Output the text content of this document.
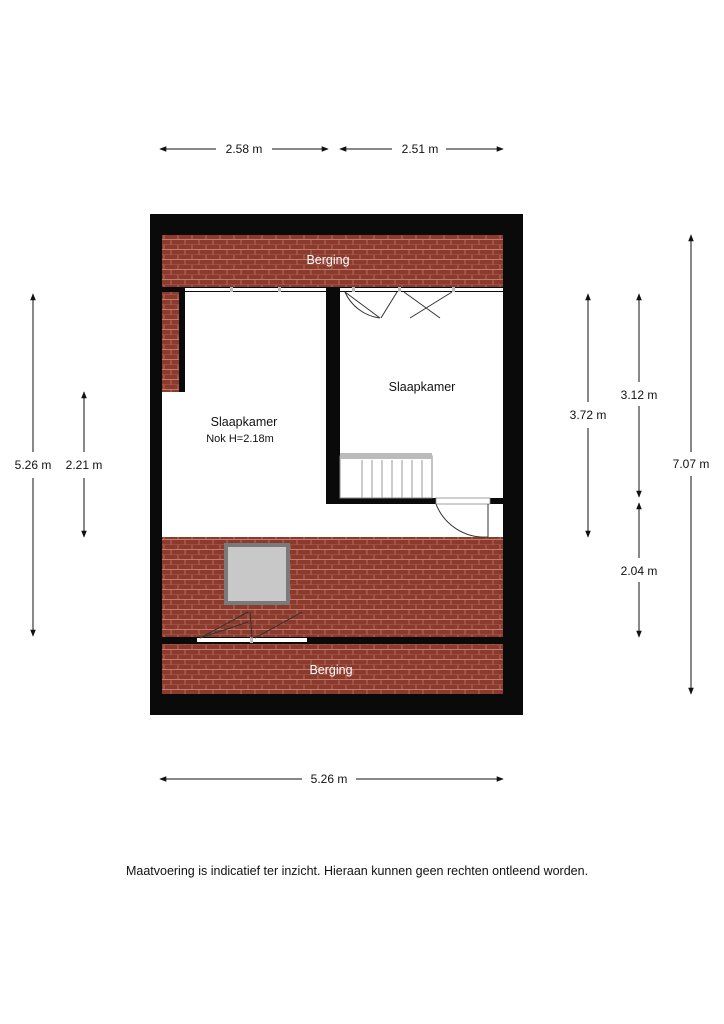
Berging
Slaapkamer
Nok H=2.18m
Slaapkamer
Berging
2.58 m	2.51 m
5.26 m
5.26 m 2.21 m
3.72 m
3.12 m
2.04 m
7.07 m
Maatvoering is indicatief ter inzicht. Hieraan kunnen geen rechten ontleend worden.
